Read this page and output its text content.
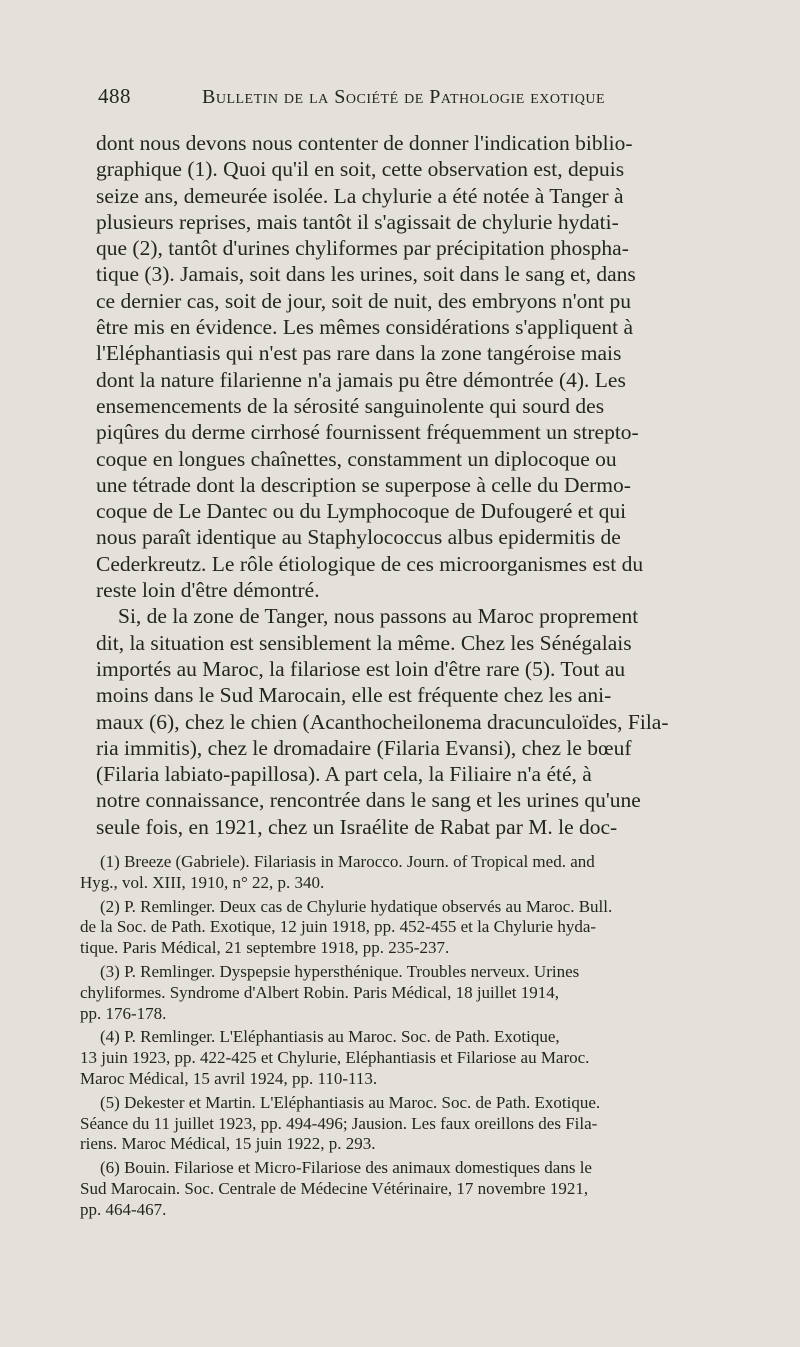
488	Bulletin de la Société de Pathologie exotique
dont nous devons nous contenter de donner l'indication biblio-
graphique (1). Quoi qu'il en soit, cette observation est, depuis
seize ans, demeurée isolée. La chylurie a été notée à Tanger à
plusieurs reprises, mais tantôt il s'agissait de chylurie hydati-
que (2), tantôt d'urines chyliformes par précipitation phospha-
tique (3). Jamais, soit dans les urines, soit dans le sang et, dans
ce dernier cas, soit de jour, soit de nuit, des embryons n'ont pu
être mis en évidence. Les mêmes considérations s'appliquent à
l'Eléphantiasis qui n'est pas rare dans la zone tangéroise mais
dont la nature filarienne n'a jamais pu être démontrée (4). Les
ensemencements de la sérosité sanguinolente qui sourd des
piqûres du derme cirrhosé fournissent fréquemment un strepto-
coque en longues chaînettes, constamment un diplocoque ou
une tétrade dont la description se superpose à celle du Dermo-
coque de Le Dantec ou du Lymphocoque de Dufougeré et qui
nous paraît identique au Staphylococcus albus epidermitis de
Cederkreutz. Le rôle étiologique de ces microorganismes est du
reste loin d'être démontré.
Si, de la zone de Tanger, nous passons au Maroc proprement
dit, la situation est sensiblement la même. Chez les Sénégalais
importés au Maroc, la filariose est loin d'être rare (5). Tout au
moins dans le Sud Marocain, elle est fréquente chez les ani-
maux (6), chez le chien (Acanthocheilonema dracunculoïdes, Fila-
ria immitis), chez le dromadaire (Filaria Evansi), chez le bœuf
(Filaria labiato-papillosa). A part cela, la Filiaire n'a été, à
notre connaissance, rencontrée dans le sang et les urines qu'une
seule fois, en 1921, chez un Israélite de Rabat par M. le doc-
(1) Breeze (Gabriele). Filariasis in Marocco. Journ. of Tropical med. and
Hyg., vol. XIII, 1910, n° 22, p. 340.
(2) P. Remlinger. Deux cas de Chylurie hydatique observés au Maroc. Bull.
de la Soc. de Path. Exotique, 12 juin 1918, pp. 452-455 et la Chylurie hyda-
tique. Paris Médical, 21 septembre 1918, pp. 235-237.
(3) P. Remlinger. Dyspepsie hypersthénique. Troubles nerveux. Urines
chyliformes. Syndrome d'Albert Robin. Paris Médical, 18 juillet 1914,
pp. 176-178.
(4) P. Remlinger. L'Eléphantiasis au Maroc. Soc. de Path. Exotique,
13 juin 1923, pp. 422-425 et Chylurie, Eléphantiasis et Filariose au Maroc.
Maroc Médical, 15 avril 1924, pp. 110-113.
(5) Dekester et Martin. L'Eléphantiasis au Maroc. Soc. de Path. Exotique.
Séance du 11 juillet 1923, pp. 494-496; Jausion. Les faux oreillons des Fila-
riens. Maroc Médical, 15 juin 1922, p. 293.
(6) Bouin. Filariose et Micro-Filariose des animaux domestiques dans le
Sud Marocain. Soc. Centrale de Médecine Vétérinaire, 17 novembre 1921,
pp. 464-467.
